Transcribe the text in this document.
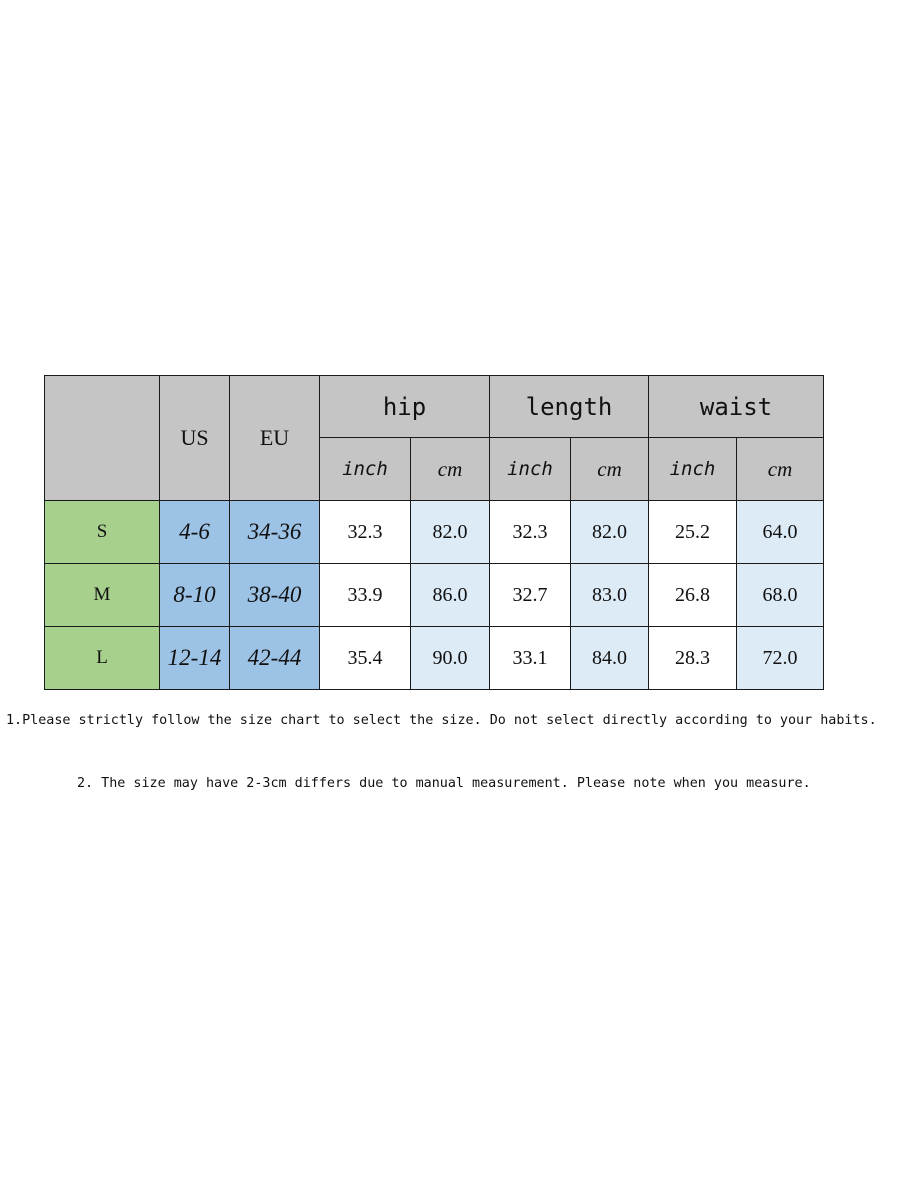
	US	EU	hip		length		waist	
			inch	cm	inch	cm	inch	cm
S	4-6	34-36	32.3	82.0	32.3	82.0	25.2	64.0
M	8-10	38-40	33.9	86.0	32.7	83.0	26.8	68.0
L	12-14	42-44	35.4	90.0	33.1	84.0	28.3	72.0
1.Please strictly follow the size chart to select the size. Do not select directly according to your habits.
2. The size may have 2-3cm differs due to manual measurement. Please note when you measure.
